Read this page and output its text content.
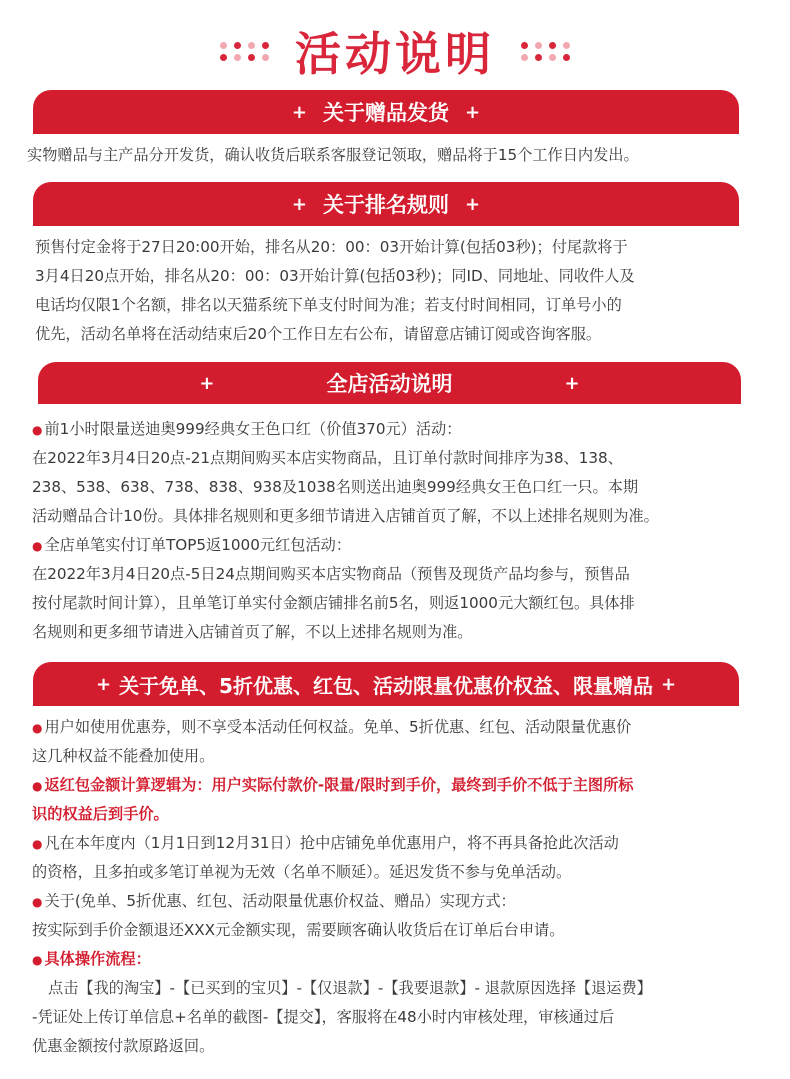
活动说明
+ 关于赠品发货 +
实物赠品与主产品分开发货，确认收货后联系客服登记领取，赠品将于15个工作日内发出。
+ 关于排名规则 +
预售付定金将于27日20:00开始，排名从20：00：03开始计算(包括03秒)；付尾款将于
3月4日20点开始，排名从20：00：03开始计算(包括03秒)；同ID、同地址、同收件人及
电话均仅限1个名额，排名以天猫系统下单支付时间为准；若支付时间相同，订单号小的
优先，活动名单将在活动结束后20个工作日左右公布，请留意店铺订阅或咨询客服。
+	全店活动说明	+
● 前1小时限量送迪奥999经典女王色口红（价值370元）活动：
在2022年3月4日20点-21点期间购买本店实物商品，且订单付款时间排序为38、138、
238、538、638、738、838、938及1038名则送出迪奥999经典女王色口红一只。本期
活动赠品合计10份。具体排名规则和更多细节请进入店铺首页了解，不以上述排名规则为准。
● 全店单笔实付订单TOP5返1000元红包活动：
在2022年3月4日20点-5日24点期间购买本店实物商品（预售及现货产品均参与，预售品
按付尾款时间计算），且单笔订单实付金额店铺排名前5名，则返1000元大额红包。具体排
名规则和更多细节请进入店铺首页了解，不以上述排名规则为准。
+ 关于免单、5折优惠、红包、活动限量优惠价权益、限量赠品 +
● 用户如使用优惠券，则不享受本活动任何权益。免单、5折优惠、红包、活动限量优惠价
这几种权益不能叠加使用。
● 返红包金额计算逻辑为：用户实际付款价-限量/限时到手价，最终到手价不低于主图所标
识的权益后到手价。
● 凡在本年度内（1月1日到12月31日）抢中店铺免单优惠用户，将不再具备抢此次活动
的资格，且多拍或多笔订单视为无效（名单不顺延）。延迟发货不参与免单活动。
● 关于(免单、5折优惠、红包、活动限量优惠价权益、赠品）实现方式：
按实际到手价金额退还XXX元金额实现，需要顾客确认收货后在订单后台申请。
● 具体操作流程：
点击【我的淘宝】-【已买到的宝贝】-【仅退款】-【我要退款】- 退款原因选择【退运费】
-凭证处上传订单信息+名单的截图-【提交】，客服将在48小时内审核处理，审核通过后
优惠金额按付款原路返回。
